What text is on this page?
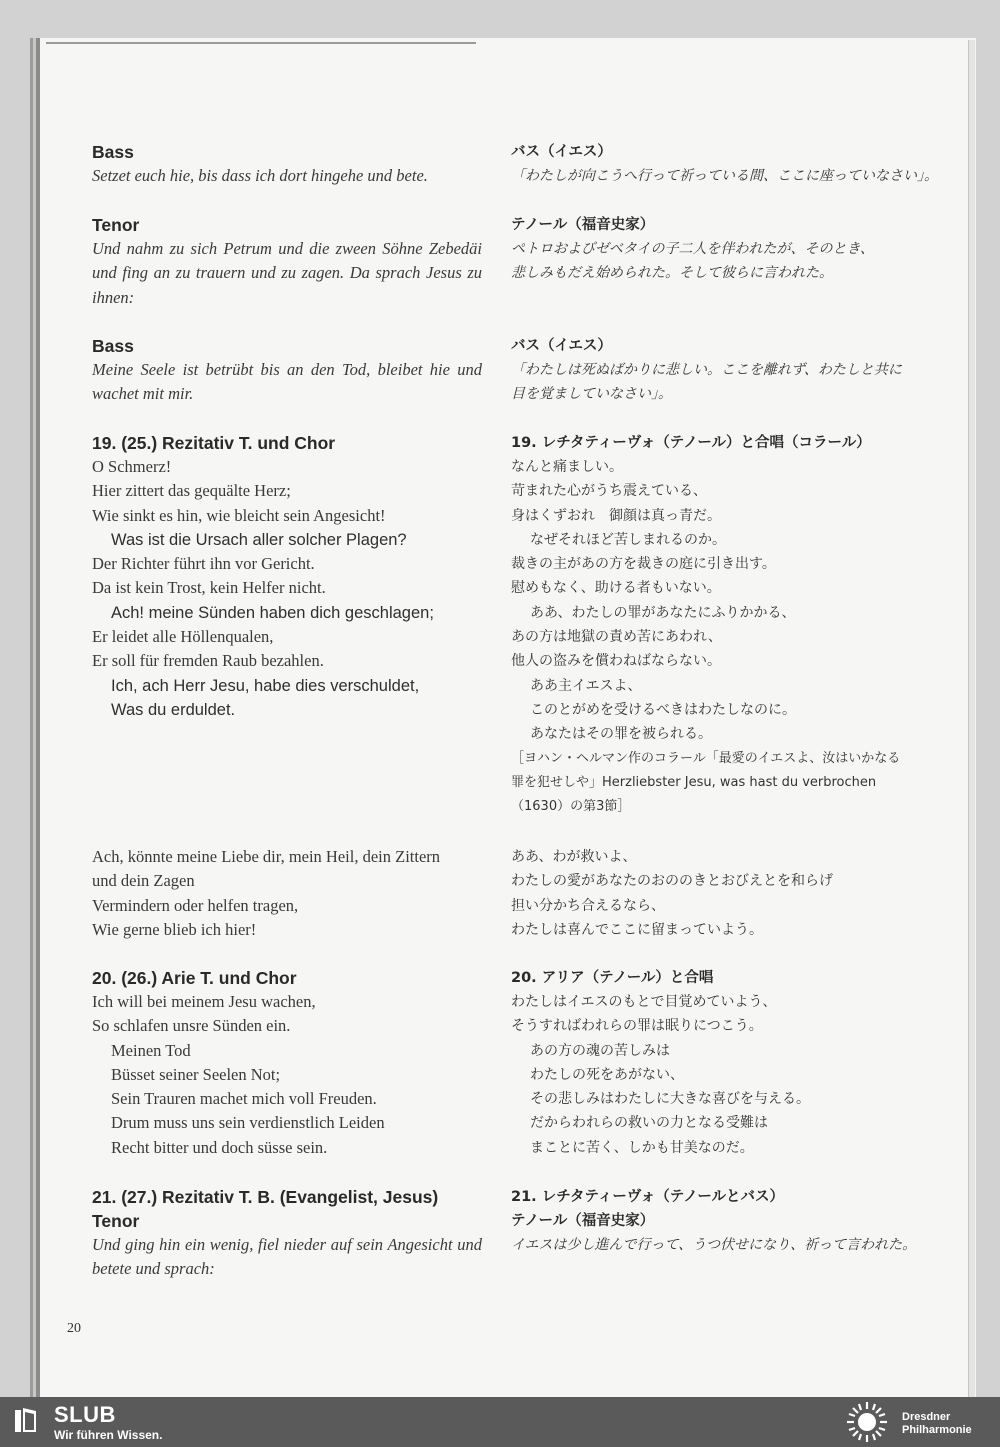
Bass
Setzet euch hie, bis dass ich dort hingehe und bete.
Tenor
Und nahm zu sich Petrum und die zween Söhne Zebedäi und fing an zu trauern und zu zagen. Da sprach Jesus zu ihnen:
Bass
Meine Seele ist betrübt bis an den Tod, bleibet hie und wachet mit mir.
19. (25.) Rezitativ T. und Chor
O Schmerz!
Hier zittert das gequälte Herz;
Wie sinkt es hin, wie bleicht sein Angesicht!
Was ist die Ursach aller solcher Plagen?
Der Richter führt ihn vor Gericht.
Da ist kein Trost, kein Helfer nicht.
Ach! meine Sünden haben dich geschlagen;
Er leidet alle Höllenqualen,
Er soll für fremden Raub bezahlen.
Ich, ach Herr Jesu, habe dies verschuldet,
Was du erduldet.
Ach, könnte meine Liebe dir, mein Heil, dein Zittern
und dein Zagen
Vermindern oder helfen tragen,
Wie gerne blieb ich hier!
20. (26.) Arie T. und Chor
Ich will bei meinem Jesu wachen,
So schlafen unsre Sünden ein.
Meinen Tod
Büsset seiner Seelen Not;
Sein Trauren machet mich voll Freuden.
Drum muss uns sein verdienstlich Leiden
Recht bitter und doch süsse sein.
21. (27.) Rezitativ T. B. (Evangelist, Jesus)
Tenor
Und ging hin ein wenig, fiel nieder auf sein Angesicht und betete und sprach:
バス（イエス）
「わたしが向こうへ行って祈っている間、ここに座っていなさい」。
テノール（福音史家）
ペトロおよびゼベタイの子二人を伴われたが、そのとき、
悲しみもだえ始められた。そして彼らに言われた。
バス（イエス）
「わたしは死ぬばかりに悲しい。ここを離れず、わたしと共に
目を覚ましていなさい」。
19. レチタティーヴォ（テノール）と合唱（コラール）
なんと痛ましい。
苛まれた心がうち震えている、
身はくずおれ　御顔は真っ青だ。
なぜそれほど苦しまれるのか。
裁きの主があの方を裁きの庭に引き出す。
慰めもなく、助ける者もいない。
ああ、わたしの罪があなたにふりかかる、
あの方は地獄の責め苦にあわれ、
他人の盗みを償わねばならない。
ああ主イエスよ、
このとがめを受けるべきはわたしなのに。
あなたはその罪を被られる。
［ヨハン・ヘルマン作のコラール「最愛のイエスよ、汝はいかなる罪を犯せしや」Herzliebster Jesu, was hast du verbrochen（1630）の第3節］
ああ、わが救いよ、
わたしの愛があなたのおののきとおびえとを和らげ
担い分かち合えるなら、
わたしは喜んでここに留まっていよう。
20. アリア（テノール）と合唱
わたしはイエスのもとで目覚めていよう、
そうすればわれらの罪は眠りにつこう。
あの方の魂の苦しみは
わたしの死をあがない、
その悲しみはわたしに大きな喜びを与える。
だからわれらの救いの力となる受難は
まことに苦く、しかも甘美なのだ。
21. レチタティーヴォ（テノールとバス）
テノール（福音史家）
イエスは少し進んで行って、うつ伏せになり、祈って言われた。
20
SLUB
Wir führen Wissen.
Dresdner
Philharmonie
